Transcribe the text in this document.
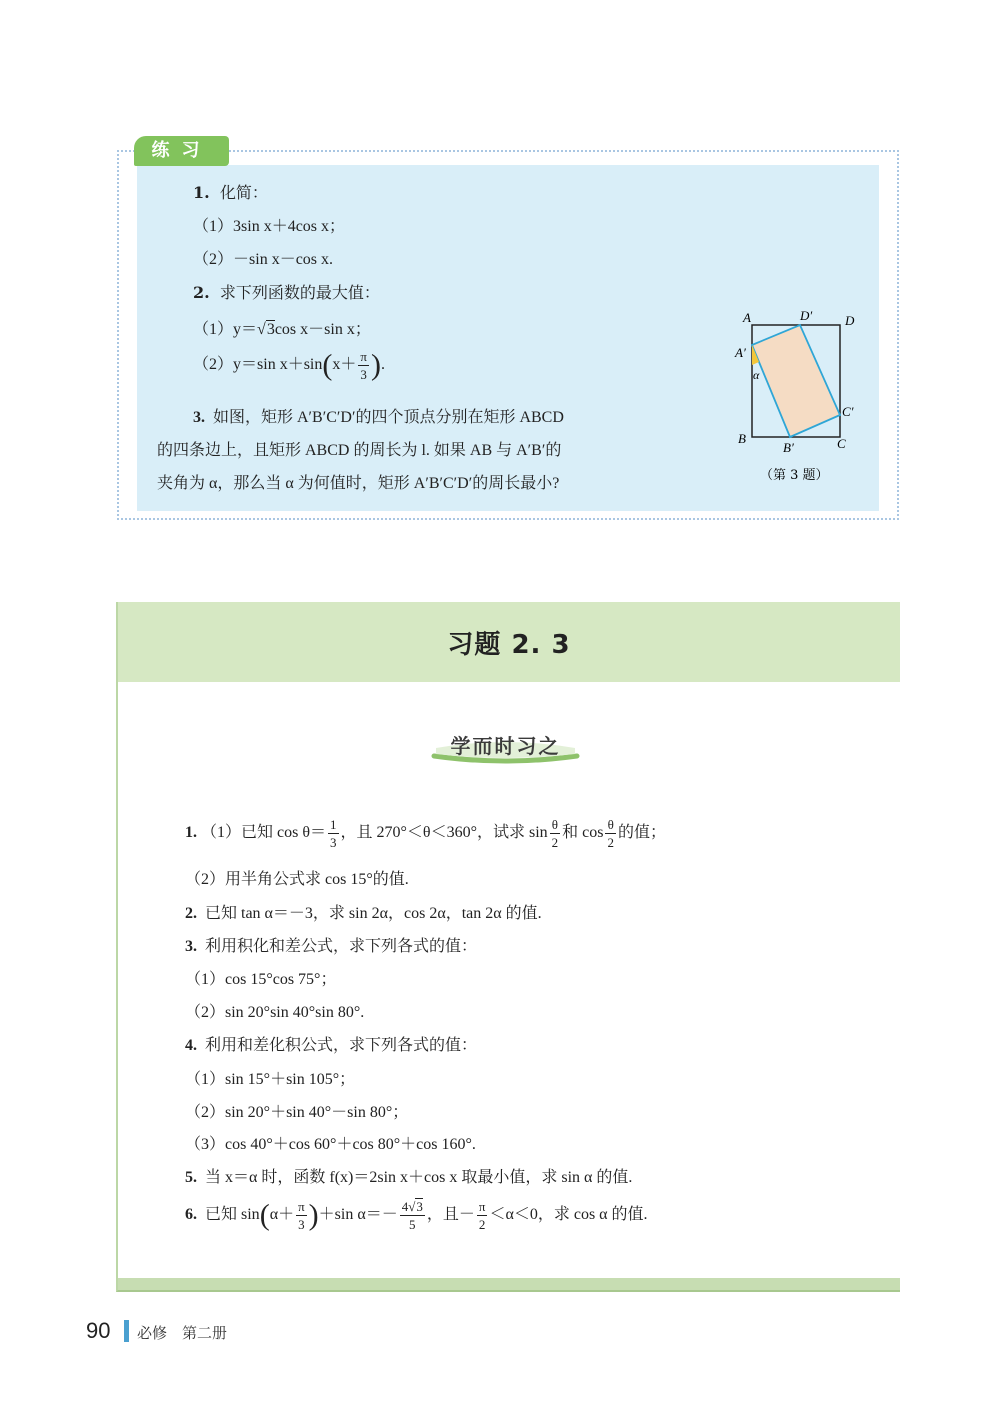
练习
1. 化简：
（1）3sin x＋4cos x；
（2）－sin x－cos x.
2. 求下列函数的最大值：
（1）y＝√3cos x－sin x；
（2）y＝sin $x+\sin(x+ \frac{\pi}{3}$ ).
3. 如图，矩形 A′B′C′D′的四个顶点分别在矩形 ABCD
的四条边上，且矩形 ABCD 的周长为 l. 如果 AB 与 A′B′的
夹角为 α，那么当 α 为何值时，矩形 A′B′C′D′的周长最小?
A	D′	D
A′
α
C′
B
B′	C
（第 3 题）
习题 2. 3
学而时习之
1. （1）已知 $\cos \theta= \frac{1}{3}$ ，且 270°＜θ＜360°，试求 $\sin \frac{\theta}{2}$ 和 $\cos \frac{\theta}{2}$ 的值；
（2）用半角公式求 cos 15°的值.
2. 已知 tan α＝－3，求 sin 2α，cos 2α，tan 2α 的值.
3. 利用积化和差公式，求下列各式的值：
（1）cos 15°cos 75°；
（2）sin 20°sin 40°sin 80°.
4. 利用和差化积公式，求下列各式的值：
（1）sin 15°＋sin 105°；
（2）sin 20°＋sin 40°－sin 80°；
（3）cos 40°＋cos 60°＋cos 80°＋cos 160°.
5. 当 x＝α 时，函数 f(x)＝2sin x＋cos x 取最小值，求 sin α 的值.
6. 已知 $\sin(\alpha+ \frac{\pi}{3} )+\sin$ $\alpha=- \frac{4√3}{5}$ ，且－ $\frac{\pi}{2} <\alpha<0$，求 cos α 的值.
90 必修　第二册
